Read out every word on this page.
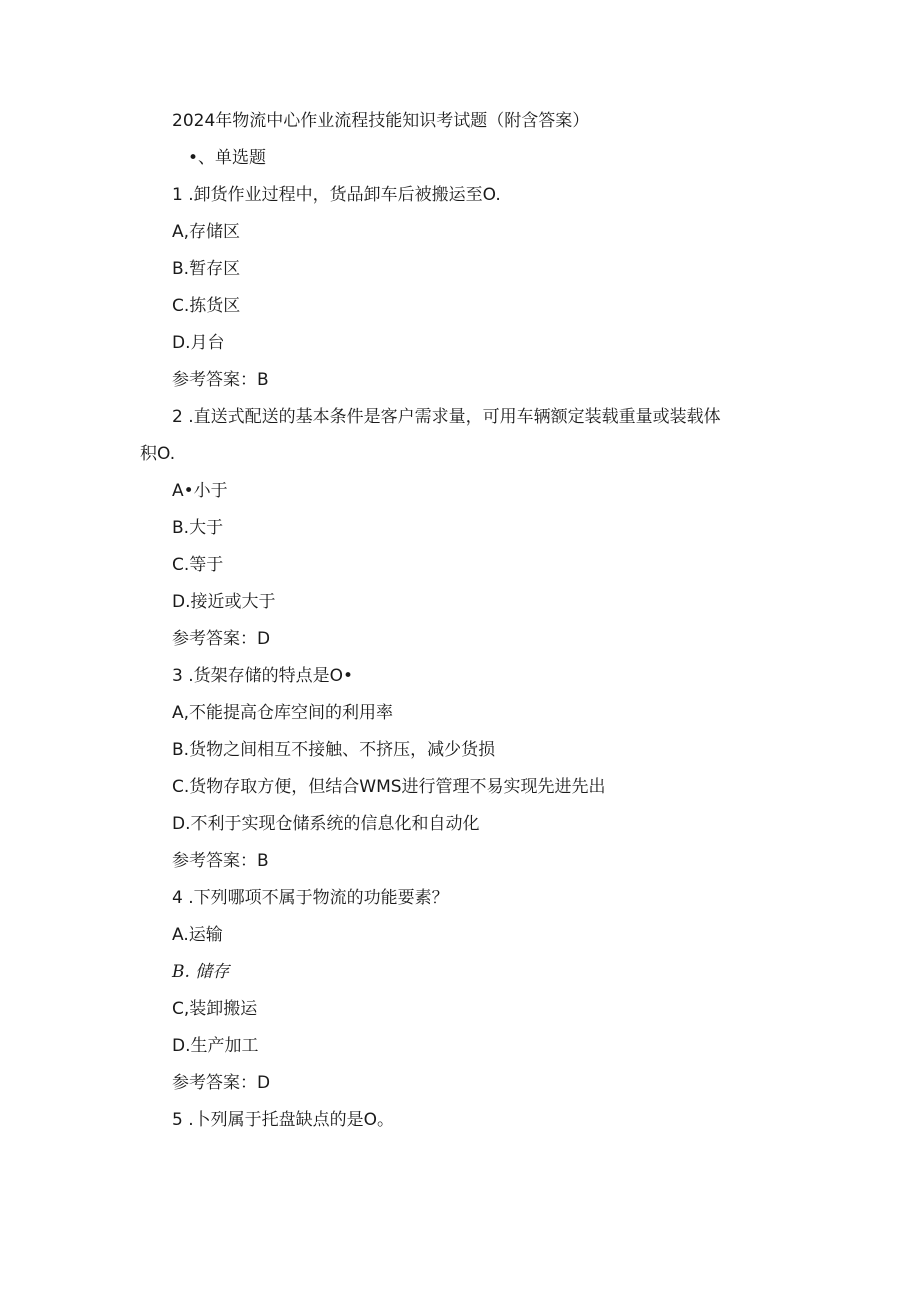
2024年物流中心作业流程技能知识考试题（附含答案）
•、单选题
1 .卸货作业过程中，货品卸车后被搬运至O.
A,存储区
B.暂存区
C.拣货区
D.月台
参考答案：B
2 .直送式配送的基本条件是客户需求量，可用车辆额定装载重量或装载体
积O.
A•小于
B.大于
C.等于
D.接近或大于
参考答案：D
3 .货架存储的特点是O•
A,不能提高仓库空间的利用率
B.货物之间相互不接触、不挤压，减少货损
C.货物存取方便，但结合WMS进行管理不易实现先进先出
D.不利于实现仓储系统的信息化和自动化
参考答案：B
4 .下列哪项不属于物流的功能要素？
A.运输
B. 储存
C,装卸搬运
D.生产加工
参考答案：D
5 .卜列属于托盘缺点的是O。
